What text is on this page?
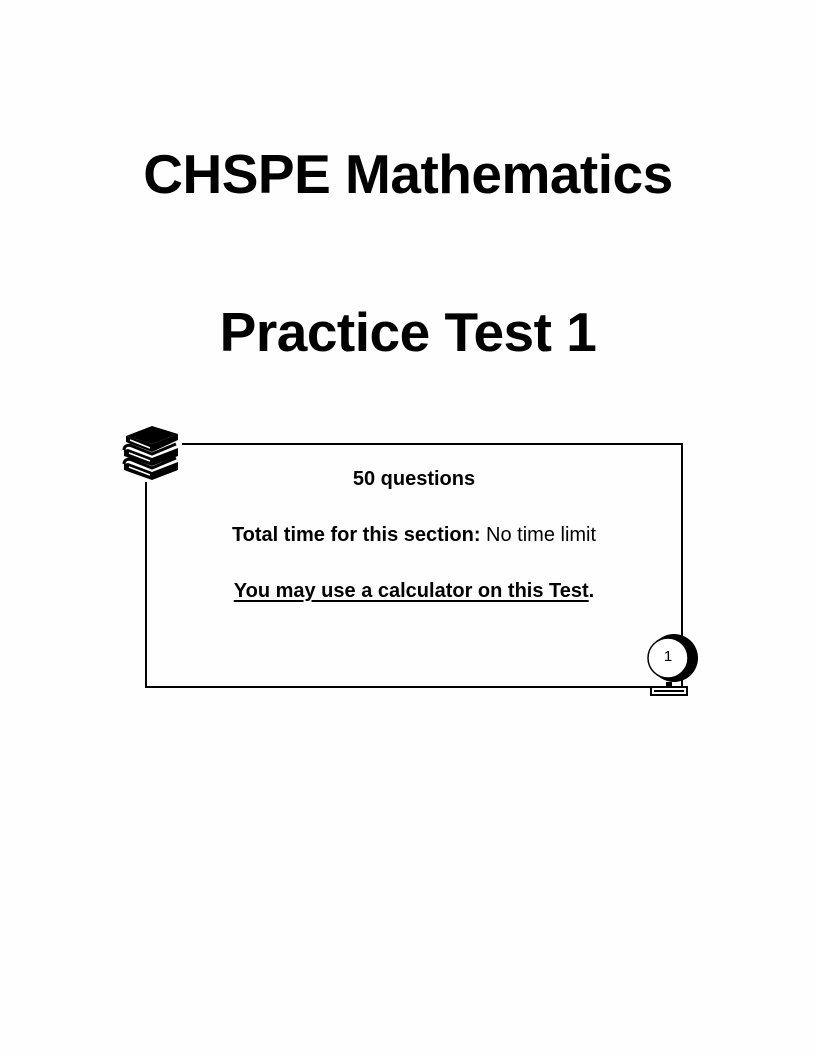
CHSPE Mathematics
Practice Test 1

50 questions

Total time for this section: No time limit

You may use a calculator on this Test.

1
